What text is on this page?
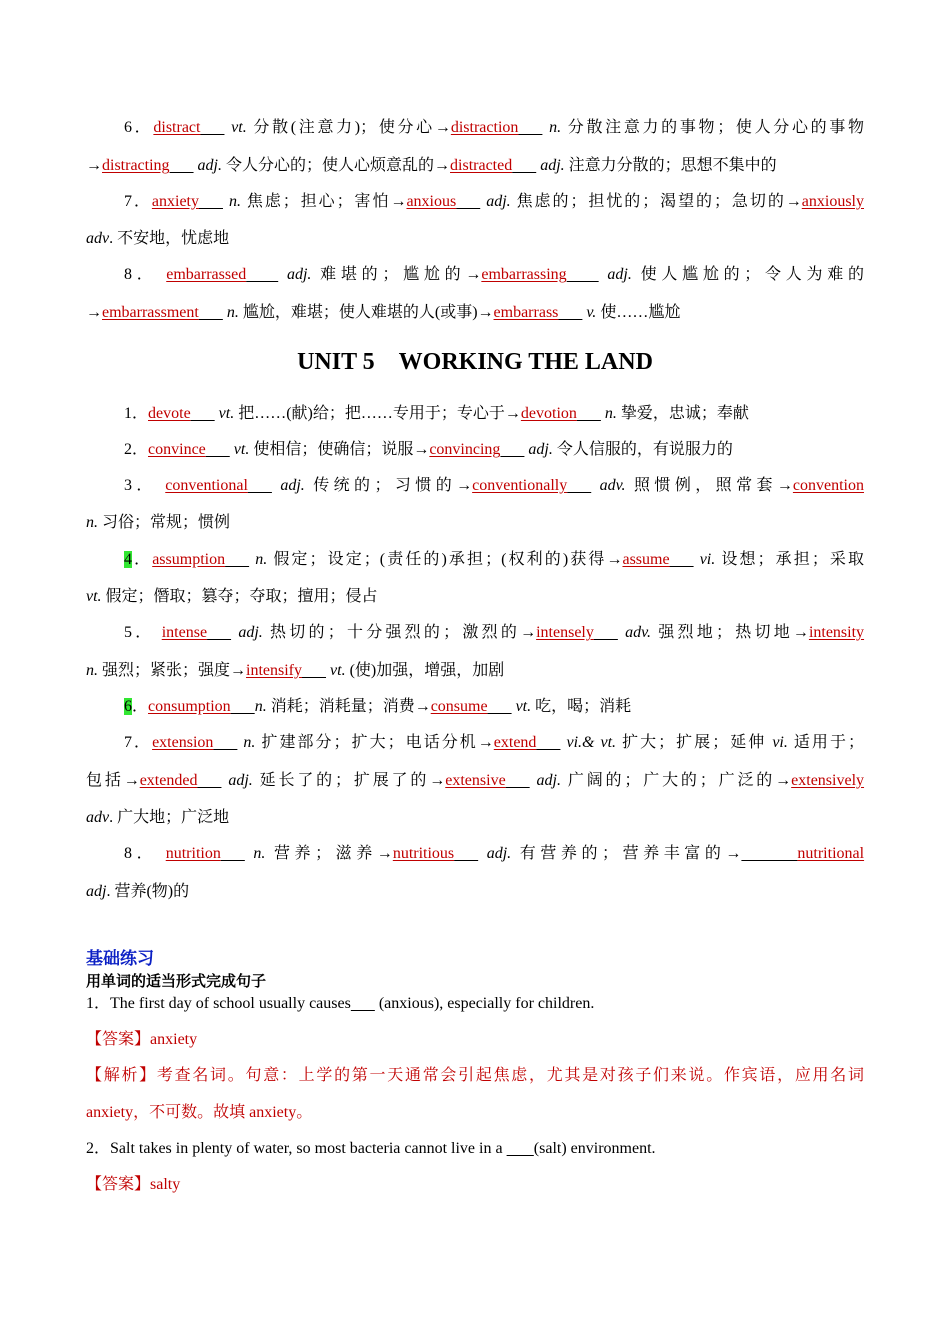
6．distract   vt. 分散(注意力)；使分心→distraction   n. 分散注意力的事物；使人分心的事物
→distracting   adj. 令人分心的；使人心烦意乱的→distracted   adj. 注意力分散的；思想不集中的
7．anxiety   n. 焦虑；担心；害怕→anxious   adj. 焦虑的；担忧的；渴望的；急切的→anxiously
adv. 不安地，忧虑地
8． embarrassed  	adj. 难堪的；尴尬的→embarrassing  	adj. 使人尴尬的；令人为难的
→embarrassment   n. 尴尬，难堪；使人难堪的人(或事)→embarrass   v. 使……尴尬
UNIT 5　WORKING THE LAND
1．devote   vt. 把……(献)给；把……专用于；专心于→devotion   n. 挚爱，忠诚；奉献
2．convince   vt. 使相信；使确信；说服→convincing   adj. 令人信服的，有说服力的
3． conventional   adj. 传统的；习惯的→conventionally   adv. 照惯例，照常套→convention
n. 习俗；常规；惯例
4．assumption   n. 假定；设定；(责任的)承担；(权利的)获得→assume   vi. 设想；承担；采取
vt. 假定；僭取；篡夺；夺取；擅用；侵占
5． intense   adj. 热切的；十分强烈的；激烈的→intensely   adv. 强烈地；热切地→intensity
n. 强烈；紧张；强度→intensify   vt. (使)加强，增强，加剧
6．consumption   n. 消耗；消耗量；消费→consume   vt. 吃，喝；消耗
7．extension   n. 扩建部分；扩大；电话分机→extend   vi.& vt. 扩大；扩展；延伸 vi. 适用于；
包括→extended   adj. 延长了的；扩展了的→extensive   adj. 广阔的；广大的；广泛的→extensively
adv. 广大地；广泛地
8． nutrition   n. 营养；滋养→nutritious   adj. 有营养的；营养丰富的→    	nutritional
adj. 营养(物)的
基础练习
用单词的适当形式完成句子
1．The first day of school usually causes   (anxious), especially for children.
【答案】anxiety
【解析】考查名词。句意：上学的第一天通常会引起焦虑，尤其是对孩子们来说。作宾语，应用名词
anxiety，不可数。故填 anxiety。
2．Salt takes in plenty of water, so most bacteria cannot live in a     (salt) environment.
【答案】salty
